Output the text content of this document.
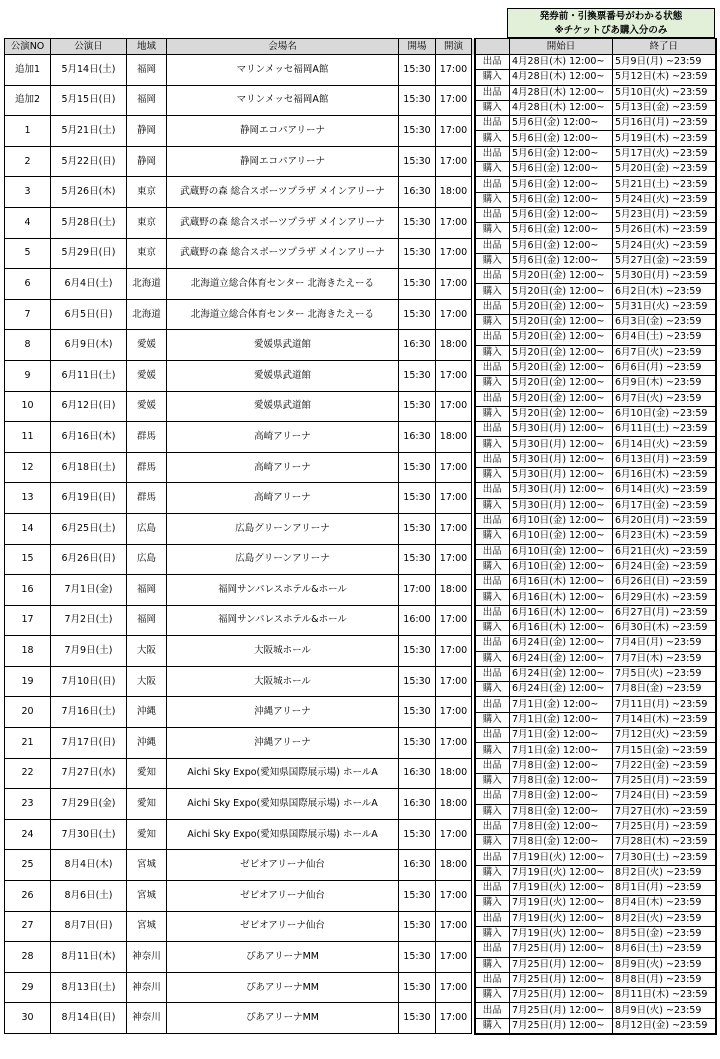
発券前・引換票番号がわかる状態
※チケットぴあ購入分のみ
公演NO	公演日	地域	会場名	開場	開演			開始日	終了日
追加1	5月14日(土)	福岡	マリンメッセ福岡A館	15:30	17:00		出品	4月28日(木) 12:00~	5月9日(月) ~23:59
							購入	4月28日(木) 12:00~	5月12日(木) ~23:59
追加2	5月15日(日)	福岡	マリンメッセ福岡A館	15:30	17:00		出品	4月28日(木) 12:00~	5月10日(火) ~23:59
							購入	4月28日(木) 12:00~	5月13日(金) ~23:59
1	5月21日(土)	静岡	静岡エコパアリーナ	15:30	17:00		出品	5月6日(金) 12:00~	5月16日(月) ~23:59
							購入	5月6日(金) 12:00~	5月19日(木) ~23:59
2	5月22日(日)	静岡	静岡エコパアリーナ	15:30	17:00		出品	5月6日(金) 12:00~	5月17日(火) ~23:59
							購入	5月6日(金) 12:00~	5月20日(金) ~23:59
3	5月26日(木)	東京	武蔵野の森 総合スポーツプラザ メインアリーナ	16:30	18:00		出品	5月6日(金) 12:00~	5月21日(土) ~23:59
							購入	5月6日(金) 12:00~	5月24日(火) ~23:59
4	5月28日(土)	東京	武蔵野の森 総合スポーツプラザ メインアリーナ	15:30	17:00		出品	5月6日(金) 12:00~	5月23日(月) ~23:59
							購入	5月6日(金) 12:00~	5月26日(木) ~23:59
5	5月29日(日)	東京	武蔵野の森 総合スポーツプラザ メインアリーナ	15:30	17:00		出品	5月6日(金) 12:00~	5月24日(火) ~23:59
							購入	5月6日(金) 12:00~	5月27日(金) ~23:59
6	6月4日(土)	北海道	北海道立総合体育センター 北海きたえーる	15:30	17:00		出品	5月20日(金) 12:00~	5月30日(月) ~23:59
							購入	5月20日(金) 12:00~	6月2日(木) ~23:59
7	6月5日(日)	北海道	北海道立総合体育センター 北海きたえーる	15:30	17:00		出品	5月20日(金) 12:00~	5月31日(火) ~23:59
							購入	5月20日(金) 12:00~	6月3日(金) ~23:59
8	6月9日(木)	愛媛	愛媛県武道館	16:30	18:00		出品	5月20日(金) 12:00~	6月4日(土) ~23:59
							購入	5月20日(金) 12:00~	6月7日(火) ~23:59
9	6月11日(土)	愛媛	愛媛県武道館	15:30	17:00		出品	5月20日(金) 12:00~	6月6日(月) ~23:59
							購入	5月20日(金) 12:00~	6月9日(木) ~23:59
10	6月12日(日)	愛媛	愛媛県武道館	15:30	17:00		出品	5月20日(金) 12:00~	6月7日(火) ~23:59
							購入	5月20日(金) 12:00~	6月10日(金) ~23:59
11	6月16日(木)	群馬	高崎アリーナ	16:30	18:00		出品	5月30日(月) 12:00~	6月11日(土) ~23:59
							購入	5月30日(月) 12:00~	6月14日(火) ~23:59
12	6月18日(土)	群馬	高崎アリーナ	15:30	17:00		出品	5月30日(月) 12:00~	6月13日(月) ~23:59
							購入	5月30日(月) 12:00~	6月16日(木) ~23:59
13	6月19日(日)	群馬	高崎アリーナ	15:30	17:00		出品	5月30日(月) 12:00~	6月14日(火) ~23:59
							購入	5月30日(月) 12:00~	6月17日(金) ~23:59
14	6月25日(土)	広島	広島グリーンアリーナ	15:30	17:00		出品	6月10日(金) 12:00~	6月20日(月) ~23:59
							購入	6月10日(金) 12:00~	6月23日(木) ~23:59
15	6月26日(日)	広島	広島グリーンアリーナ	15:30	17:00		出品	6月10日(金) 12:00~	6月21日(火) ~23:59
							購入	6月10日(金) 12:00~	6月24日(金) ~23:59
16	7月1日(金)	福岡	福岡サンパレスホテル&ホール	17:00	18:00		出品	6月16日(木) 12:00~	6月26日(日) ~23:59
							購入	6月16日(木) 12:00~	6月29日(水) ~23:59
17	7月2日(土)	福岡	福岡サンパレスホテル&ホール	16:00	17:00		出品	6月16日(木) 12:00~	6月27日(月) ~23:59
							購入	6月16日(木) 12:00~	6月30日(木) ~23:59
18	7月9日(土)	大阪	大阪城ホール	15:30	17:00		出品	6月24日(金) 12:00~	7月4日(月) ~23:59
							購入	6月24日(金) 12:00~	7月7日(木) ~23:59
19	7月10日(日)	大阪	大阪城ホール	15:30	17:00		出品	6月24日(金) 12:00~	7月5日(火) ~23:59
							購入	6月24日(金) 12:00~	7月8日(金) ~23:59
20	7月16日(土)	沖縄	沖縄アリーナ	15:30	17:00		出品	7月1日(金) 12:00~	7月11日(月) ~23:59
							購入	7月1日(金) 12:00~	7月14日(木) ~23:59
21	7月17日(日)	沖縄	沖縄アリーナ	15:30	17:00		出品	7月1日(金) 12:00~	7月12日(火) ~23:59
							購入	7月1日(金) 12:00~	7月15日(金) ~23:59
22	7月27日(水)	愛知	Aichi Sky Expo(愛知県国際展示場) ホールA	16:30	18:00		出品	7月8日(金) 12:00~	7月22日(金) ~23:59
							購入	7月8日(金) 12:00~	7月25日(月) ~23:59
23	7月29日(金)	愛知	Aichi Sky Expo(愛知県国際展示場) ホールA	16:30	18:00		出品	7月8日(金) 12:00~	7月24日(日) ~23:59
							購入	7月8日(金) 12:00~	7月27日(水) ~23:59
24	7月30日(土)	愛知	Aichi Sky Expo(愛知県国際展示場) ホールA	15:30	17:00		出品	7月8日(金) 12:00~	7月25日(月) ~23:59
							購入	7月8日(金) 12:00~	7月28日(木) ~23:59
25	8月4日(木)	宮城	ゼビオアリーナ仙台	16:30	18:00		出品	7月19日(火) 12:00~	7月30日(土) ~23:59
							購入	7月19日(火) 12:00~	8月2日(火) ~23:59
26	8月6日(土)	宮城	ゼビオアリーナ仙台	15:30	17:00		出品	7月19日(火) 12:00~	8月1日(月) ~23:59
							購入	7月19日(火) 12:00~	8月4日(木) ~23:59
27	8月7日(日)	宮城	ゼビオアリーナ仙台	15:30	17:00		出品	7月19日(火) 12:00~	8月2日(火) ~23:59
							購入	7月19日(火) 12:00~	8月5日(金) ~23:59
28	8月11日(木)	神奈川	ぴあアリーナMM	15:30	17:00		出品	7月25日(月) 12:00~	8月6日(土) ~23:59
							購入	7月25日(月) 12:00~	8月9日(火) ~23:59
29	8月13日(土)	神奈川	ぴあアリーナMM	15:30	17:00		出品	7月25日(月) 12:00~	8月8日(月) ~23:59
							購入	7月25日(月) 12:00~	8月11日(木) ~23:59
30	8月14日(日)	神奈川	ぴあアリーナMM	15:30	17:00		出品	7月25日(月) 12:00~	8月9日(火) ~23:59
							購入	7月25日(月) 12:00~	8月12日(金) ~23:59
